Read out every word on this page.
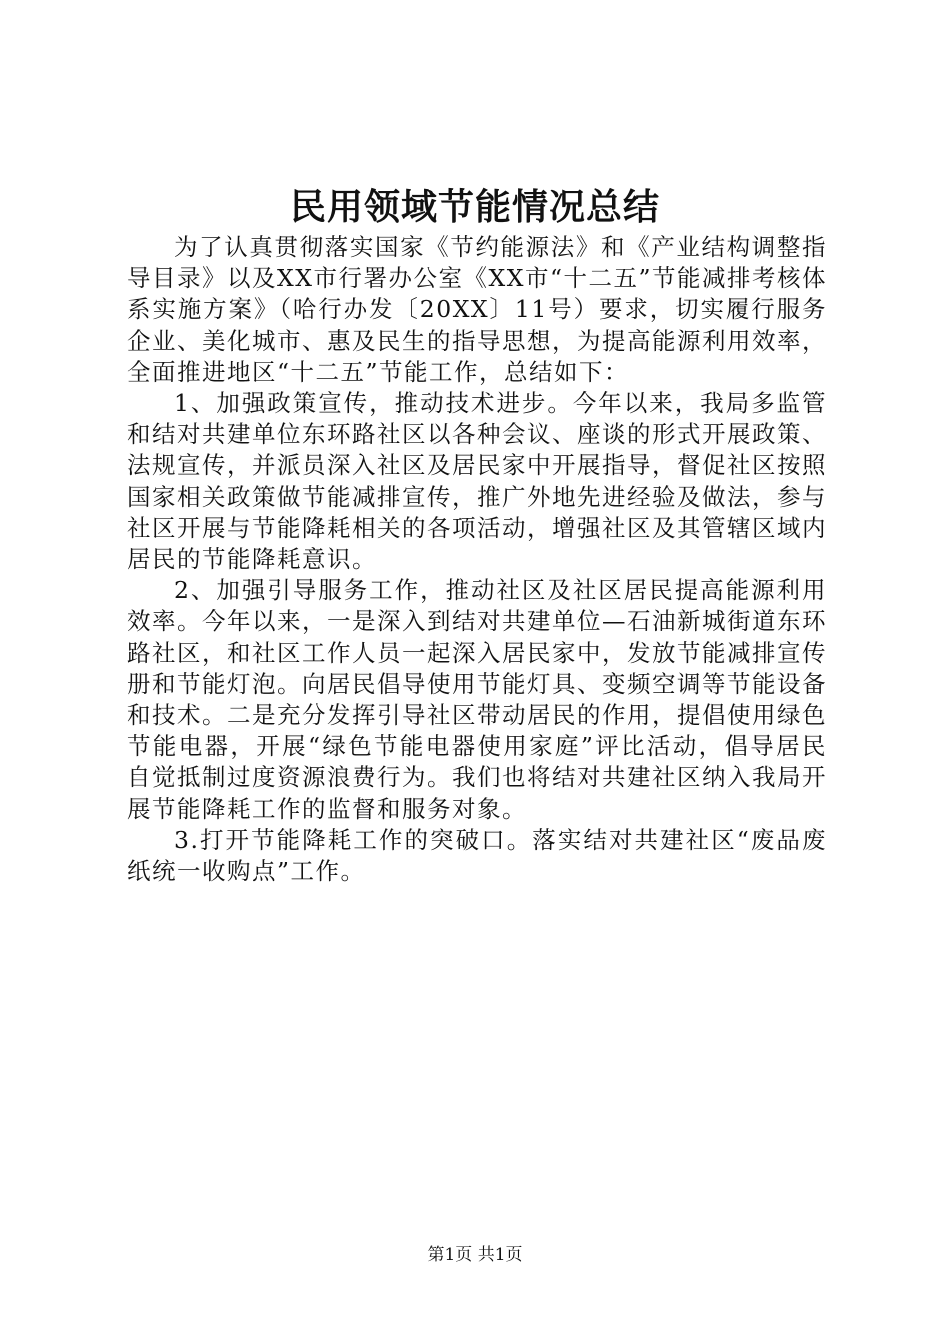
民用领域节能情况总结

为了认真贯彻落实国家《节约能源法》和《产业结构调整指导目录》以及XX市行署办公室《XX市“十二五”节能减排考核体系实施方案》（哈行办发〔20XX〕11号）要求，切实履行服务企业、美化城市、惠及民生的指导思想，为提高能源利用效率，全面推进地区“十二五”节能工作，总结如下：

1、加强政策宣传，推动技术进步。今年以来，我局多监管和结对共建单位东环路社区以各种会议、座谈的形式开展政策、法规宣传，并派员深入社区及居民家中开展指导，督促社区按照国家相关政策做节能减排宣传，推广外地先进经验及做法，参与社区开展与节能降耗相关的各项活动，增强社区及其管辖区域内居民的节能降耗意识。

2、加强引导服务工作，推动社区及社区居民提高能源利用效率。今年以来，一是深入到结对共建单位—石油新城街道东环路社区，和社区工作人员一起深入居民家中，发放节能减排宣传册和节能灯泡。向居民倡导使用节能灯具、变频空调等节能设备和技术。二是充分发挥引导社区带动居民的作用，提倡使用绿色节能电器，开展“绿色节能电器使用家庭”评比活动，倡导居民自觉抵制过度资源浪费行为。我们也将结对共建社区纳入我局开展节能降耗工作的监督和服务对象。

3.打开节能降耗工作的突破口。落实结对共建社区“废品废纸统一收购点”工作。

第1页 共1页
